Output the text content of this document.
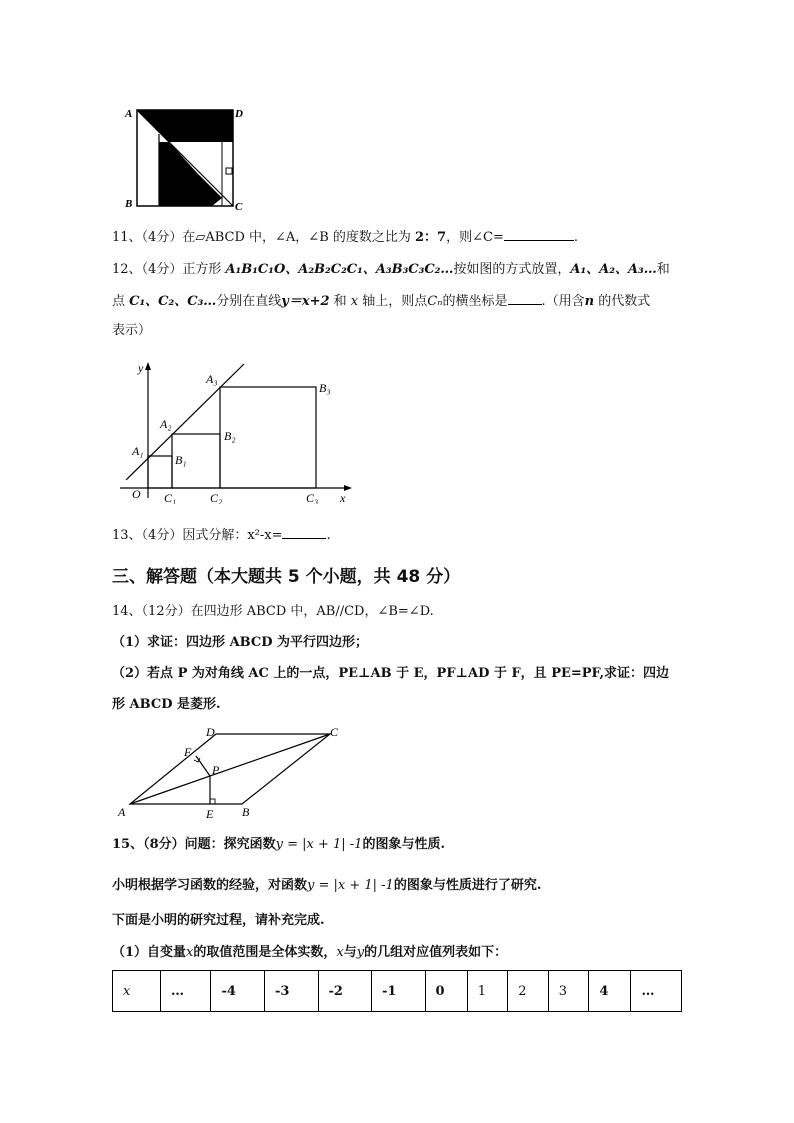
A	D
B	C
11、（4分）在▱ABCD 中，∠A，∠B 的度数之比为 2：7，则∠C=	.
12、（4分）正方形 A₁B₁C₁O、A₂B₂C₂C₁、A₃B₃C₃C₂…按如图的方式放置，A₁、A₂、A₃…和
点 C₁、C₂、C₃…分别在直线y＝x+2 和 x 轴上，则点Cₙ的横坐标是	.（用含n 的代数式
表示）
y
x
O
A₁
A₂
A₃
B₁
B₂
B₃
C₁	C₂	C₃
13、（4分）因式分解：x²-x=	.
三、解答题（本大题共 5 个小题，共 48 分）
14、（12分）在四边形 ABCD 中，AB//CD，∠B=∠D.
（1）求证：四边形 ABCD 为平行四边形；
（2）若点 P 为对角线 AC 上的一点，PE⊥AB 于 E，PF⊥AD 于 F，且 PE=PF,求证：四边
形 ABCD 是菱形.
A	B
C
D
E
F
P
15、（8分）问题：探究函数y = |x + 1| -1的图象与性质.
小明根据学习函数的经验，对函数y = |x + 1| -1的图象与性质进行了研究.
下面是小明的研究过程，请补充完成.
（1）自变量x的取值范围是全体实数，x与y的几组对应值列表如下：
x	…	-4	-3	-2	-1	0	1	2	3	4	…
